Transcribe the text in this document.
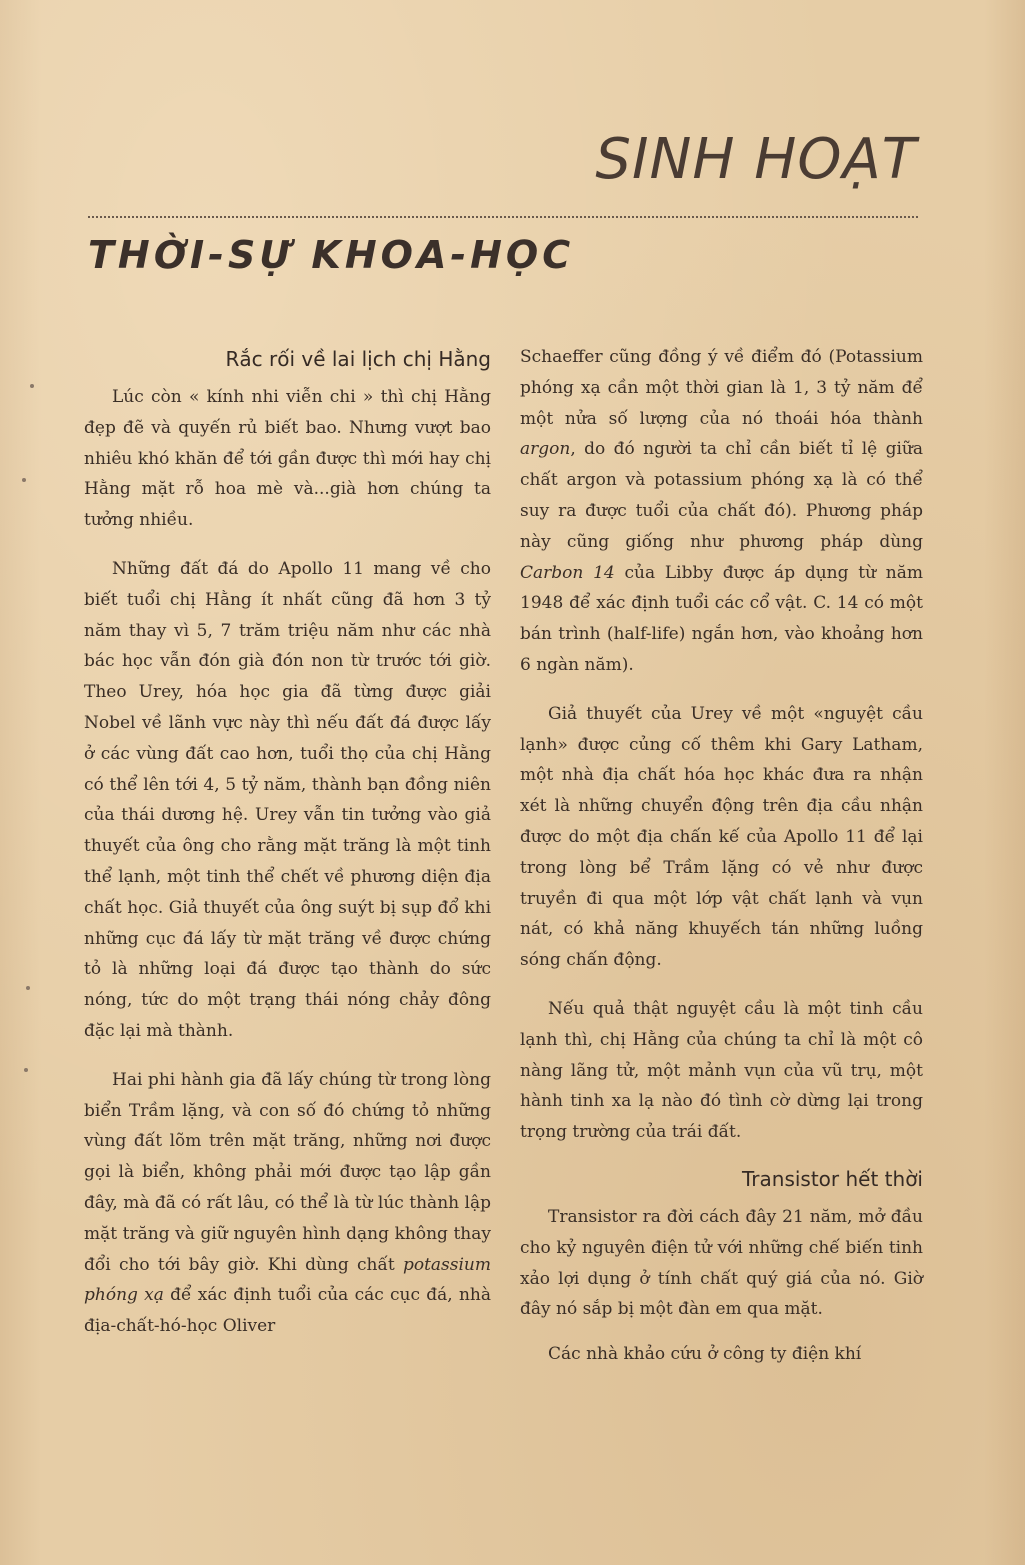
SINH HOẠT
THỜI-SỰ KHOA-HỌC
Rắc rối về lai lịch chị Hằng

Lúc còn « kính nhi viễn chi » thì chị Hằng đẹp đẽ và quyến rủ biết bao. Nhưng vượt bao nhiêu khó khăn để tới gần được thì mới hay chị Hằng mặt rỗ hoa mè và...già hơn chúng ta tưởng nhiều.

Những đất đá do Apollo 11 mang về cho biết tuổi chị Hằng ít nhất cũng đã hơn 3 tỷ năm thay vì 5, 7 trăm triệu năm như các nhà bác học vẫn đón già đón non từ trước tới giờ. Theo Urey, hóa học gia đã từng được giải Nobel về lãnh vực này thì nếu đất đá được lấy ở các vùng đất cao hơn, tuổi thọ của chị Hằng có thể lên tới 4, 5 tỷ năm, thành bạn đồng niên của thái dương hệ. Urey vẫn tin tưởng vào giả thuyết của ông cho rằng mặt trăng là một tinh thể lạnh, một tinh thể chết về phương diện địa chất học. Giả thuyết của ông suýt bị sụp đổ khi những cục đá lấy từ mặt trăng về được chứng tỏ là những loại đá được tạo thành do sức nóng, tức do một trạng thái nóng chảy đông đặc lại mà thành.

Hai phi hành gia đã lấy chúng từ trong lòng biển Trầm lặng, và con số đó chứng tỏ những vùng đất lõm trên mặt trăng, những nơi được gọi là biển, không phải mới được tạo lập gần đây, mà đã có rất lâu, có thể là từ lúc thành lập mặt trăng và giữ nguyên hình dạng không thay đổi cho tới bây giờ. Khi dùng chất potassium phóng xạ để xác định tuổi của các cục đá, nhà địa-chất-hó-học Oliver

Schaeffer cũng đồng ý về điểm đó (Potassium phóng xạ cần một thời gian là 1, 3 tỷ năm để một nửa số lượng của nó thoái hóa thành argon, do đó người ta chỉ cần biết tỉ lệ giữa chất argon và potassium phóng xạ là có thể suy ra được tuổi của chất đó). Phương pháp này cũng giống như phương pháp dùng Carbon 14 của Libby được áp dụng từ năm 1948 để xác định tuổi các cổ vật. C. 14 có một bán trình (half-life) ngắn hơn, vào khoảng hơn 6 ngàn năm).

Giả thuyết của Urey về một «nguyệt cầu lạnh» được củng cố thêm khi Gary Latham, một nhà địa chất hóa học khác đưa ra nhận xét là những chuyển động trên địa cầu nhận được do một địa chấn kế của Apollo 11 để lại trong lòng bể Trầm lặng có vẻ như được truyền đi qua một lớp vật chất lạnh và vụn nát, có khả năng khuyếch tán những luồng sóng chấn động.

Nếu quả thật nguyệt cầu là một tinh cầu lạnh thì, chị Hằng của chúng ta chỉ là một cô nàng lãng tử, một mảnh vụn của vũ trụ, một hành tinh xa lạ nào đó tình cờ dừng lại trong trọng trường của trái đất.

Transistor hết thời

Transistor ra đời cách đây 21 năm, mở đầu cho kỷ nguyên điện tử với những chế biến tinh xảo lợi dụng ở tính chất quý giá của nó. Giờ đây nó sắp bị một đàn em qua mặt.

Các nhà khảo cứu ở công ty điện khí
